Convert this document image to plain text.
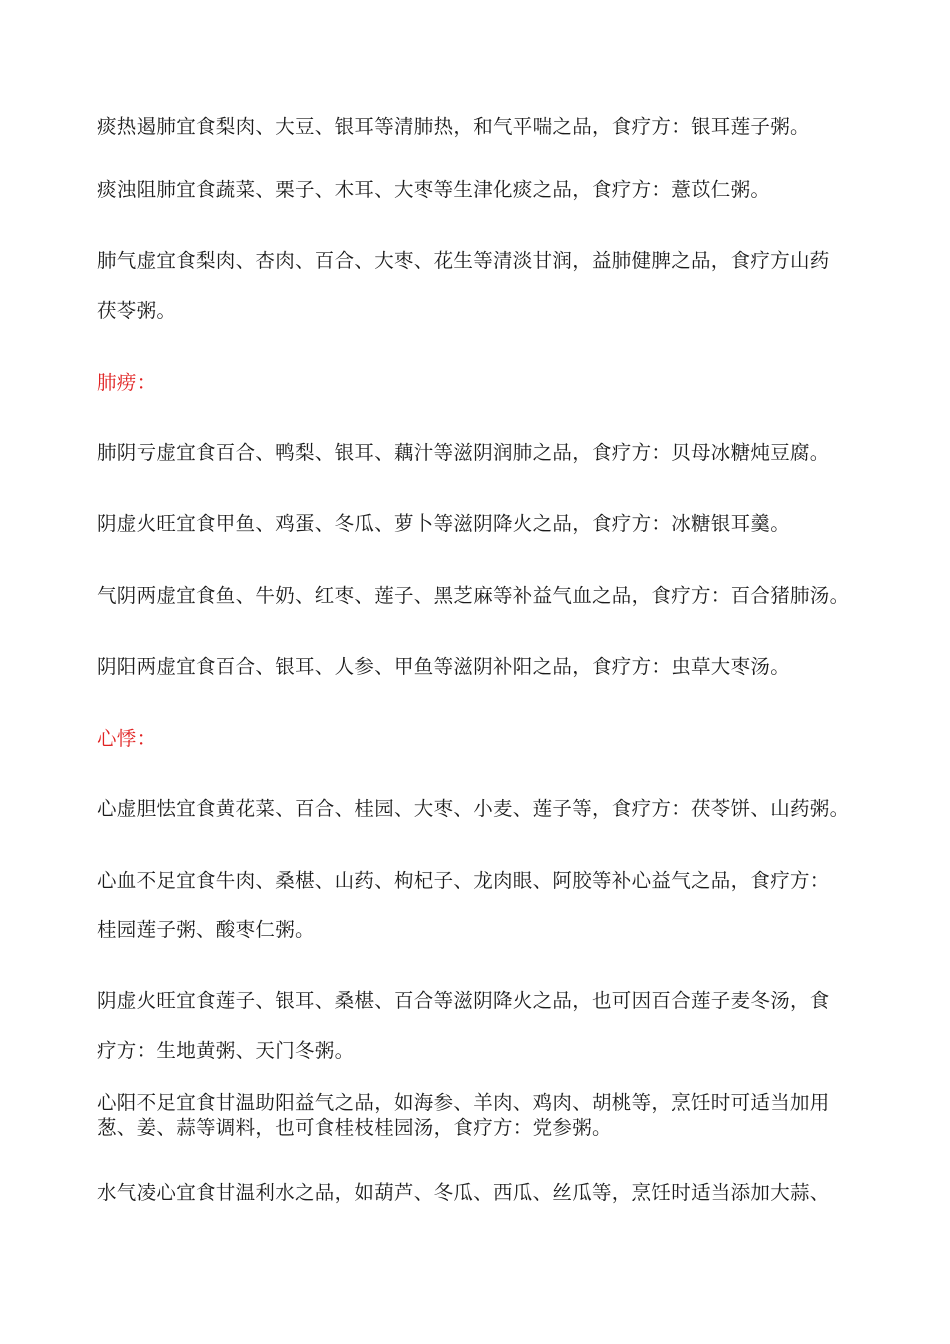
痰热遏肺宜食梨肉、大豆、银耳等清肺热，和气平喘之品，食疗方：银耳莲子粥。
痰浊阻肺宜食蔬菜、栗子、木耳、大枣等生津化痰之品，食疗方：薏苡仁粥。
肺气虚宜食梨肉、杏肉、百合、大枣、花生等清淡甘润，益肺健脾之品，食疗方山药
茯苓粥。
肺痨：
肺阴亏虚宜食百合、鸭梨、银耳、藕汁等滋阴润肺之品，食疗方：贝母冰糖炖豆腐。
阴虚火旺宜食甲鱼、鸡蛋、冬瓜、萝卜等滋阴降火之品，食疗方：冰糖银耳羹。
气阴两虚宜食鱼、牛奶、红枣、莲子、黑芝麻等补益气血之品，食疗方：百合猪肺汤。
阴阳两虚宜食百合、银耳、人参、甲鱼等滋阴补阳之品，食疗方：虫草大枣汤。
心悸：
心虚胆怯宜食黄花菜、百合、桂园、大枣、小麦、莲子等，食疗方：茯苓饼、山药粥。
心血不足宜食牛肉、桑椹、山药、枸杞子、龙肉眼、阿胶等补心益气之品，食疗方：
桂园莲子粥、酸枣仁粥。
阴虚火旺宜食莲子、银耳、桑椹、百合等滋阴降火之品，也可因百合莲子麦冬汤，食
疗方：生地黄粥、天门冬粥。
心阳不足宜食甘温助阳益气之品，如海参、羊肉、鸡肉、胡桃等，烹饪时可适当加用
葱、姜、蒜等调料，也可食桂枝桂园汤，食疗方：党参粥。
水气凌心宜食甘温利水之品，如葫芦、冬瓜、西瓜、丝瓜等，烹饪时适当添加大蒜、
